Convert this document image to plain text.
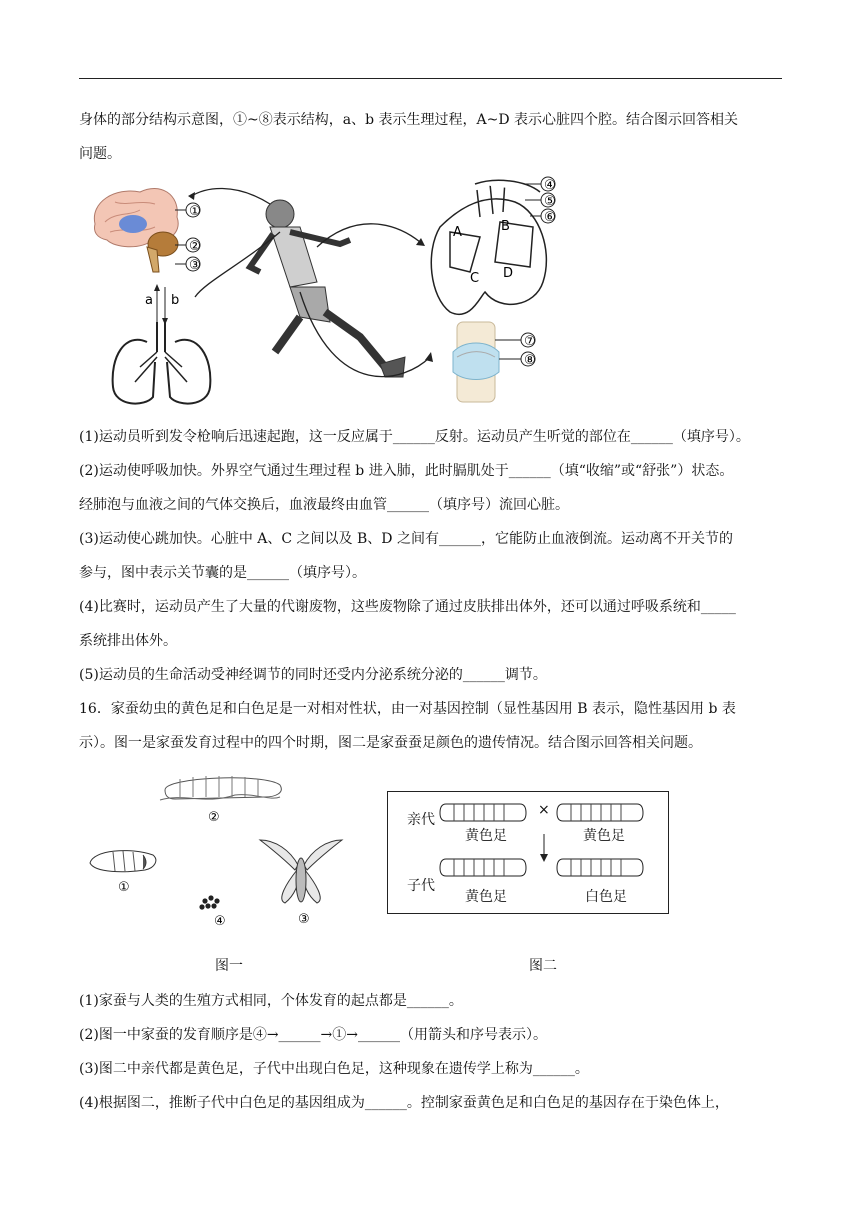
身体的部分结构示意图，①~⑧表示结构，a、b 表示生理过程，A~D 表示心脏四个腔。结合图示回答相关
问题。
①
②
③
a b
A	B
C D
④
⑤
⑥
⑦
⑧
(1)运动员听到发令枪响后迅速起跑，这一反应属于______反射。运动员产生听觉的部位在______（填序号）。
(2)运动使呼吸加快。外界空气通过生理过程 b 进入肺，此时膈肌处于______（填“收缩”或“舒张”）状态。
经肺泡与血液之间的气体交换后，血液最终由血管______（填序号）流回心脏。
(3)运动使心跳加快。心脏中 A、C 之间以及 B、D 之间有______，它能防止血液倒流。运动离不开关节的
参与，图中表示关节囊的是______（填序号）。
(4)比赛时，运动员产生了大量的代谢废物，这些废物除了通过皮肤排出体外，还可以通过呼吸系统和_____
系统排出体外。
(5)运动员的生命活动受神经调节的同时还受内分泌系统分泌的______调节。
16．家蚕幼虫的黄色足和白色足是一对相对性状，由一对基因控制（显性基因用 B 表示，隐性基因用 b 表
示）。图一是家蚕发育过程中的四个时期，图二是家蚕蚕足颜色的遗传情况。结合图示回答相关问题。
②
①
④	③
亲代
×
黄色足	黄色足
子代
黄色足	白色足
图一	图二
(1)家蚕与人类的生殖方式相同，个体发育的起点都是______。
(2)图一中家蚕的发育顺序是④→______→①→______（用箭头和序号表示）。
(3)图二中亲代都是黄色足，子代中出现白色足，这种现象在遗传学上称为______。
(4)根据图二，推断子代中白色足的基因组成为______。控制家蚕黄色足和白色足的基因存在于染色体上，
